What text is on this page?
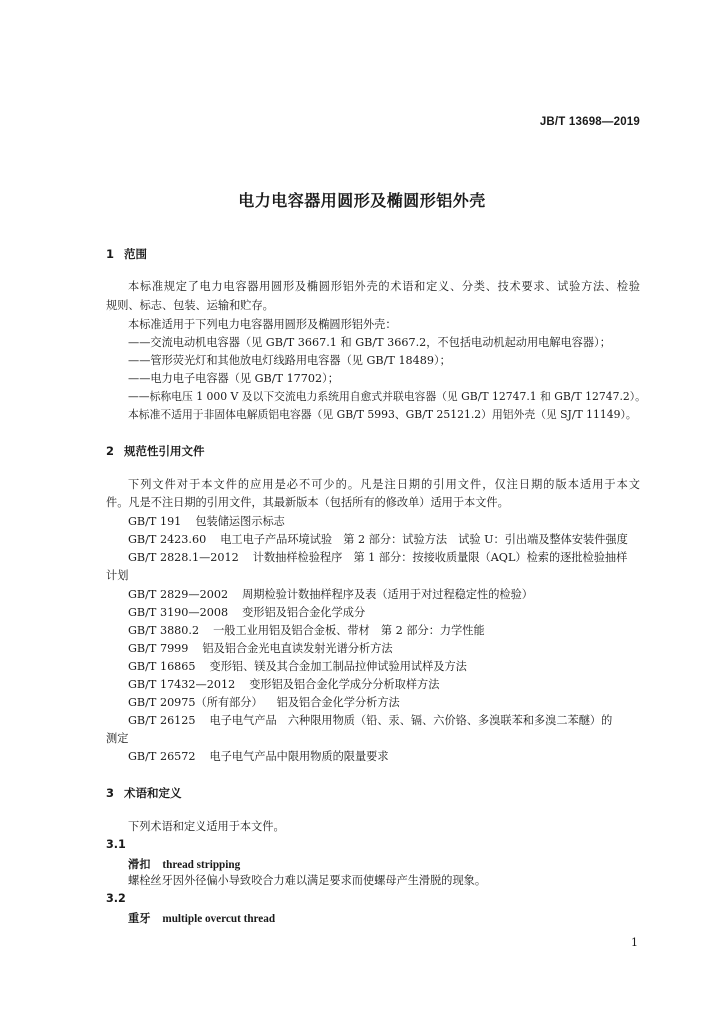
JB/T 13698—2019
电力电容器用圆形及椭圆形铝外壳
1 范围
本标准规定了电力电容器用圆形及椭圆形铝外壳的术语和定义、分类、技术要求、试验方法、检验
规则、标志、包装、运输和贮存。
本标准适用于下列电力电容器用圆形及椭圆形铝外壳：
——交流电动机电容器（见 GB/T 3667.1 和 GB/T 3667.2，不包括电动机起动用电解电容器）；
——管形荧光灯和其他放电灯线路用电容器（见 GB/T 18489）；
——电力电子电容器（见 GB/T 17702）；
——标称电压 1 000 V 及以下交流电力系统用自愈式并联电容器（见 GB/T 12747.1 和 GB/T 12747.2）。
本标准不适用于非固体电解质铝电容器（见 GB/T 5993、GB/T 25121.2）用铝外壳（见 SJ/T 11149）。
2 规范性引用文件
下列文件对于本文件的应用是必不可少的。凡是注日期的引用文件，仅注日期的版本适用于本文
件。凡是不注日期的引用文件，其最新版本（包括所有的修改单）适用于本文件。
GB/T 191 包装储运图示标志
GB/T 2423.60 电工电子产品环境试验　第 2 部分：试验方法　试验 U：引出端及整体安装件强度
GB/T 2828.1—2012 计数抽样检验程序　第 1 部分：按接收质量限（AQL）检索的逐批检验抽样
计划
GB/T 2829—2002 周期检验计数抽样程序及表（适用于对过程稳定性的检验）
GB/T 3190—2008 变形铝及铝合金化学成分
GB/T 3880.2 一般工业用铝及铝合金板、带材　第 2 部分：力学性能
GB/T 7999 铝及铝合金光电直读发射光谱分析方法
GB/T 16865 变形铝、镁及其合金加工制品拉伸试验用试样及方法
GB/T 17432—2012 变形铝及铝合金化学成分分析取样方法
GB/T 20975（所有部分） 铝及铝合金化学分析方法
GB/T 26125 电子电气产品　六种限用物质（铅、汞、镉、六价铬、多溴联苯和多溴二苯醚）的
测定
GB/T 26572 电子电气产品中限用物质的限量要求
3 术语和定义
下列术语和定义适用于本文件。
3.1
滑扣 thread stripping
螺栓丝牙因外径偏小导致咬合力难以满足要求而使螺母产生滑脱的现象。
3.2
重牙 multiple overcut thread
1
